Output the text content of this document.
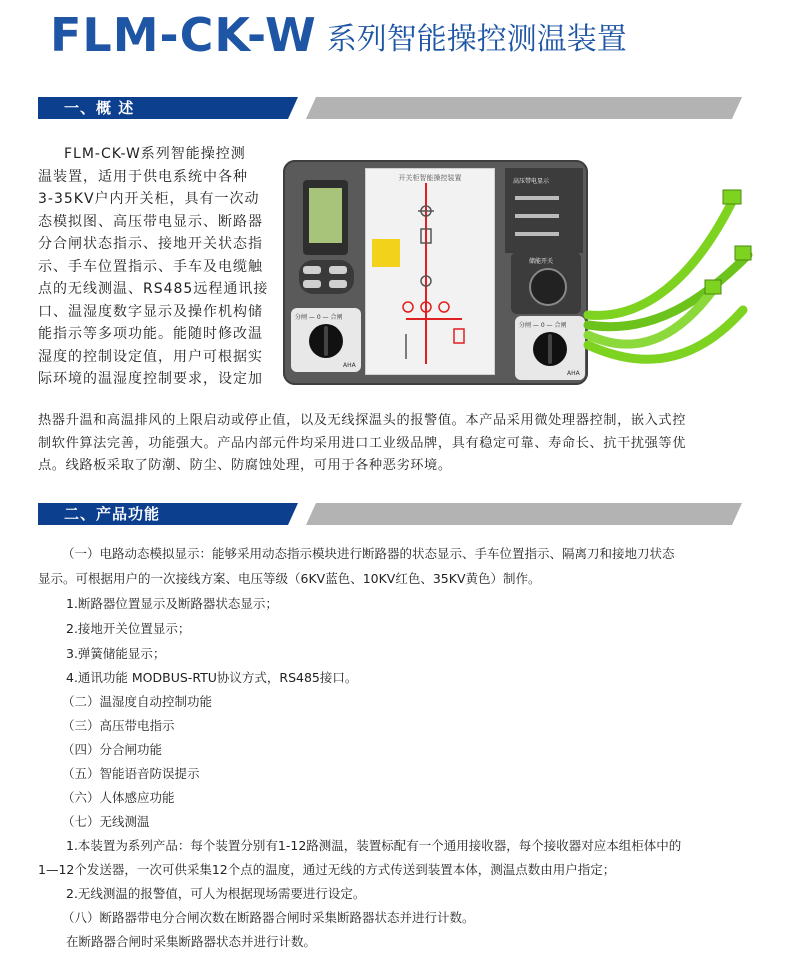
FLM-CK-W 系列智能操控测温装置
一、概 述
FLM-CK-W系列智能操控测
温装置，适用于供电系统中各种
3-35KV户内开关柜，具有一次动
态模拟图、高压带电显示、断路器
分合闸状态指示、接地开关状态指
示、手车位置指示、手车及电缆触
点的无线测温、RS485远程通讯接
口、温湿度数字显示及操作机构储
能指示等多项功能。能随时修改温
湿度的控制设定值，用户可根据实
际环境的温湿度控制要求，设定加
热器升温和高温排风的上限启动或停止值，以及无线探温头的报警值。本产品采用微处理器控制，嵌入式控
制软件算法完善，功能强大。产品内部元件均采用进口工业级品牌，具有稳定可靠、寿命长、抗干扰强等优
点。线路板采取了防潮、防尘、防腐蚀处理，可用于各种恶劣环境。
分闸 — 0 — 合闸
AHA
开关柜智能操控装置	高压带电显示
储能开关
分闸 — 0 — 合闸
AHA
二、产品功能
（一）电路动态模拟显示：能够采用动态指示模块进行断路器的状态显示、手车位置指示、隔离刀和接地刀状态
显示。可根据用户的一次接线方案、电压等级（6KV蓝色、10KV红色、35KV黄色）制作。
1.断路器位置显示及断路器状态显示；
2.接地开关位置显示；
3.弹簧储能显示；
4.通讯功能 MODBUS-RTU协议方式，RS485接口。
（二）温湿度自动控制功能
（三）高压带电指示
（四）分合闸功能
（五）智能语音防误提示
（六）人体感应功能
（七）无线测温
1.本装置为系列产品：每个装置分别有1-12路测温，装置标配有一个通用接收器，每个接收器对应本组柜体中的
1—12个发送器，一次可供采集12个点的温度，通过无线的方式传送到装置本体，测温点数由用户指定；
2.无线测温的报警值，可人为根据现场需要进行设定。
（八）断路器带电分合闸次数在断路器合闸时采集断路器状态并进行计数。
在断路器合闸时采集断路器状态并进行计数。
